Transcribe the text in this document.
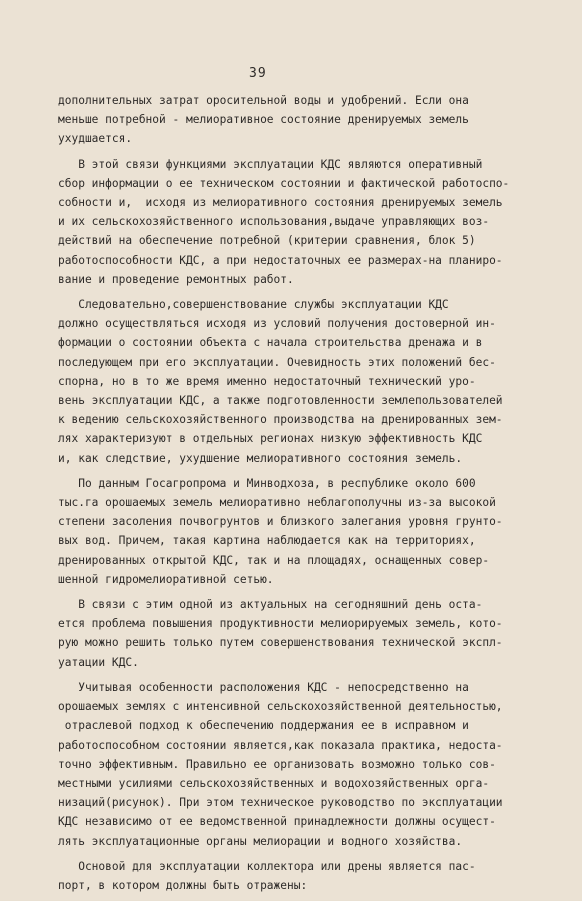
39
дополнительных затрат оросительной воды и удобрений. Если она
меньше потребной - мелиоративное состояние дренируемых земель
ухудшается.
В этой связи функциями эксплуатации КДС являются оперативный
сбор информации о ее техническом состоянии и фактической работоспо-
собности и,  исходя из мелиоративного состояния дренируемых земель
и их сельскохозяйственного использования,выдаче управляющих воз-
действий на обеспечение потребной (критерии сравнения, блок 5)
работоспособности КДС, а при недостаточных ее размерах-на планиро-
вание и проведение ремонтных работ.
Следовательно,совершенствование службы эксплуатации КДС
должно осуществляться исходя из условий получения достоверной ин-
формации о состоянии объекта с начала строительства дренажа и в
последующем при его эксплуатации. Очевидность этих положений бес-
спорна, но в то же время именно недостаточный технический уро-
вень эксплуатации КДС, а также подготовленности землепользователей
к ведению сельскохозяйственного производства на дренированных зем-
лях характеризуют в отдельных регионах низкую эффективность КДС
и, как следствие, ухудшение мелиоративного состояния земель.
По данным Госагропрома и Минводхоза, в республике около 600
тыс.га орошаемых земель мелиоративно неблагополучны из-за высокой
степени засоления почвогрунтов и близкого залегания уровня грунто-
вых вод. Причем, такая картина наблюдается как на территориях,
дренированных открытой КДС, так и на площадях, оснащенных совер-
шенной гидромелиоративной сетью.
В связи с этим одной из актуальных на сегодняшний день оста-
ется проблема повышения продуктивности мелиорируемых земель, кото-
рую можно решить только путем совершенствования технической экспл-
уатации КДС.
Учитывая особенности расположения КДС - непосредственно на
орошаемых землях с интенсивной сельскохозяйственной деятельностью,
отраслевой подход к обеспечению поддержания ее в исправном и
работоспособном состоянии является,как показала практика, недоста-
точно эффективным. Правильно ее организовать возможно только сов-
местными усилиями сельскохозяйственных и водохозяйственных орга-
низаций(рисунок). При этом техническое руководство по эксплуатации
КДС независимо от ее ведомственной принадлежности должны осущест-
лять эксплуатационные органы мелиорации и водного хозяйства.
Основой для эксплуатации коллектора или дрены является пас-
порт, в котором должны быть отражены:
